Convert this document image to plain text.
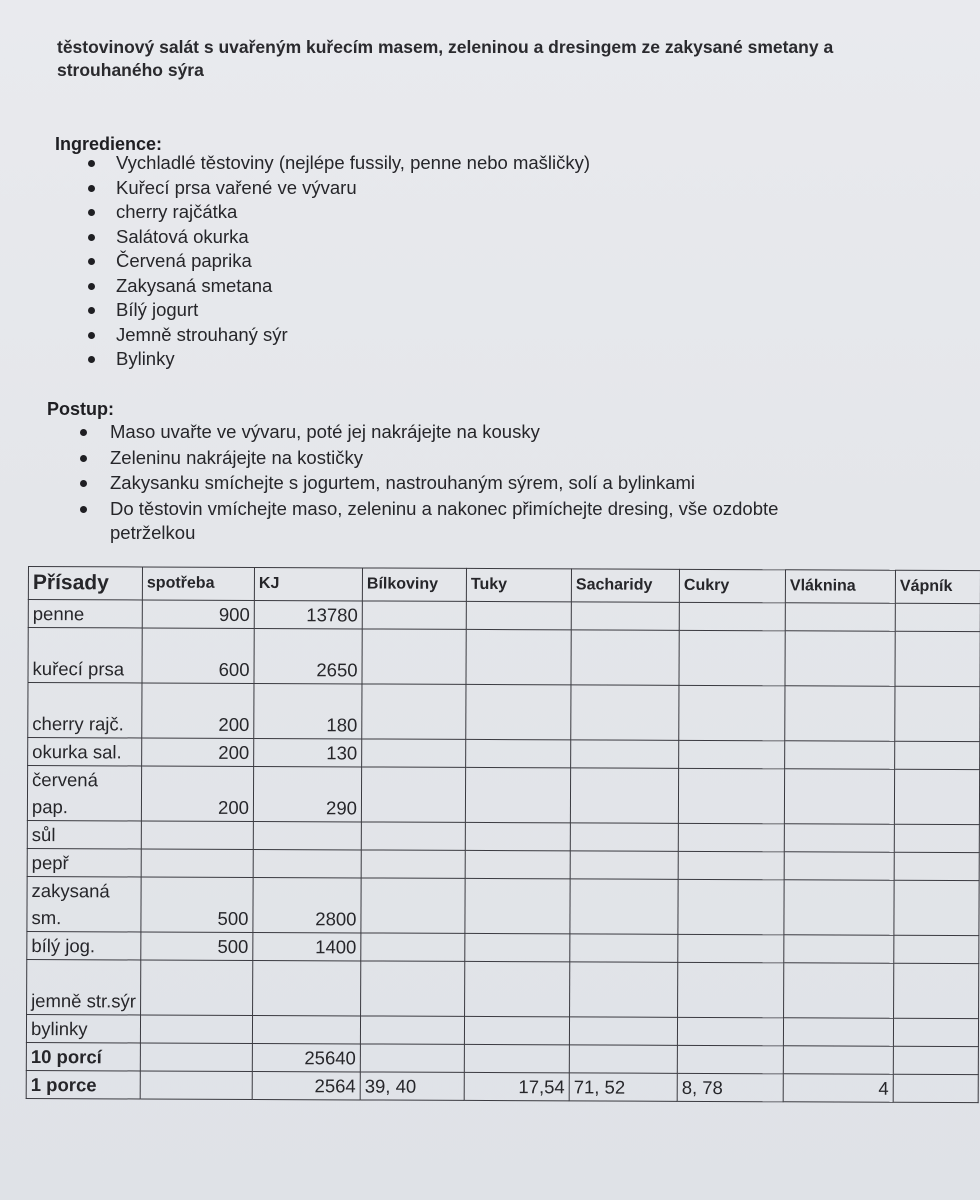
těstovinový salát s uvařeným kuřecím masem, zeleninou a dresingem ze zakysané smetany a strouhaného sýra
Ingredience:
Vychladlé těstoviny (nejlépe fussily, penne nebo mašličky)
Kuřecí prsa vařené ve vývaru
cherry rajčátka
Salátová okurka
Červená paprika
Zakysaná smetana
Bílý jogurt
Jemně strouhaný sýr
Bylinky
Postup:
Maso uvařte ve vývaru, poté jej nakrájejte na kousky
Zeleninu nakrájejte na kostičky
Zakysanku smíchejte s jogurtem, nastrouhaným sýrem, solí a bylinkami
Do těstovin vmíchejte maso, zeleninu a nakonec přimíchejte dresing, vše ozdobte petrželkou
Přísady	spotřeba	KJ	Bílkoviny	Tuky	Sacharidy	Cukry	Vláknina	Vápník
penne	900	13780						
kuřecí prsa	600	2650						
cherry rajč.	200	180						
okurka sal.	200	130						
červená pap.	200	290						
sůl								
pepř								
zakysaná sm.	500	2800						
bílý jog.	500	1400						
jemně str.sýr								
bylinky								
10 porcí		25640						
1 porce		2564	39, 40	17,54	71, 52	8, 78	4	
